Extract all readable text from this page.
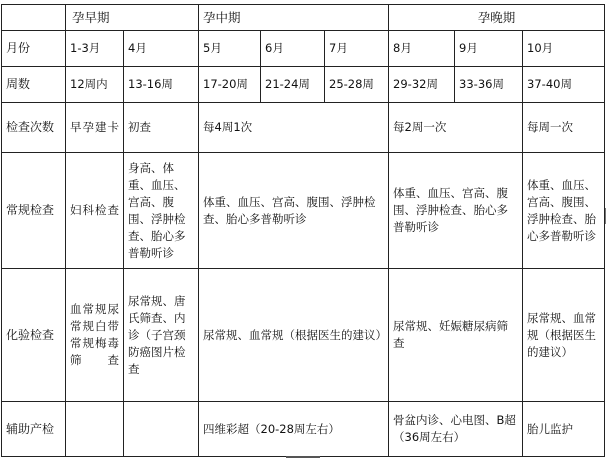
	孕早期		孕中期			孕晚期		
月份	1-3月	4月	5月	6月	7月	8月	9月	10月
周数	12周内	13-16周	17-20周	21-24周	25-28周	29-32周	33-36周	37-40周
检查次数	早孕建卡	初查	每4周1次			每2周一次		每周一次
常规检查	妇科检查	身高、体重、血压、宫高、腹围、浮肿检查、胎心多普勒听诊	体重、血压、宫高、腹围、浮肿检查、胎心多普勒听诊			体重、血压、宫高、腹围、浮肿检查、胎心多普勒听诊		体重、血压、宫高、腹围、浮肿检查、胎心多普勒听诊
化验检查	血常规尿常规白带常规梅毒筛查	尿常规、唐氏筛查、内诊（子宫颈防癌图片检查	尿常规、血常规（根据医生的建议）			尿常规、妊娠糖尿病筛查		尿常规、血常规（根据医生的建议）
辅助产检			四维彩超（20-28周左右）			骨盆内诊、心电图、B超（36周左右）		胎儿监护
